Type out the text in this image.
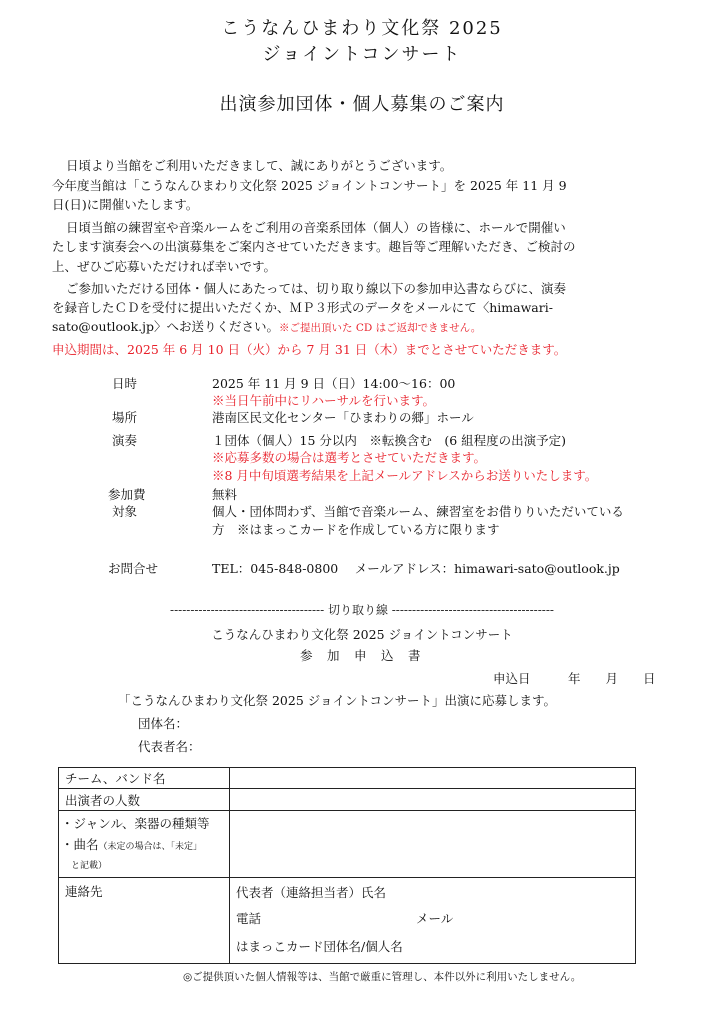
こうなんひまわり文化祭 2025
ジョイントコンサート
出演参加団体・個人募集のご案内
日頃より当館をご利用いただきまして、誠にありがとうございます。
今年度当館は「こうなんひまわり文化祭 2025 ジョイントコンサート」を 2025 年 11 月 9
日(日)に開催いたします。
日頃当館の練習室や音楽ルームをご利用の音楽系団体（個人）の皆様に、ホールで開催い
たします演奏会への出演募集をご案内させていただきます。趣旨等ご理解いただき、ご検討の
上、ぜひご応募いただければ幸いです。
ご参加いただける団体・個人にあたっては、切り取り線以下の参加申込書ならびに、演奏
を録音したＣＤを受付に提出いただくか、ＭＰ３形式のデータをメールにて〈himawari-
sato@outlook.jp〉へお送りください。※ご提出頂いた CD はご返却できません。
申込期間は、2025 年 6 月 10 日（火）から 7 月 31 日（木）までとさせていただきます。
日時	2025 年 11 月 9 日（日）14:00〜16：00
※当日午前中にリハーサルを行います。
場所	港南区民文化センター「ひまわりの郷」ホール
演奏	１団体（個人）15 分以内　※転換含む　(6 組程度の出演予定)
※応募多数の場合は選考とさせていただきます。
※8 月中旬頃選考結果を上記メールアドレスからお送りいたします。
参加費	無料
対象	個人・団体問わず、当館で音楽ルーム、練習室をお借りりいただいている
方　※はまっこカードを作成している方に限ります
お問合せ	TEL：045-848-0800　 メールアドレス：himawari-sato@outlook.jp
-------------------------------------- 切り取り線 ----------------------------------------
こうなんひまわり文化祭 2025 ジョイントコンサート
参　加　申　込　書
申込日　　　年　　月　　日
「こうなんひまわり文化祭 2025 ジョイントコンサート」出演に応募します。
団体名：
代表者名：
チーム、バンド名	
出演者の人数	

・ジャンル、楽器の種類等
・曲名（未定の場合は、「未定」
と記載）	

連絡先	代表者（連絡担当者）氏名
電話 メール
はまっこカード団体名/個人名
◎ご提供頂いた個人情報等は、当館で厳重に管理し、本件以外に利用いたしません。
